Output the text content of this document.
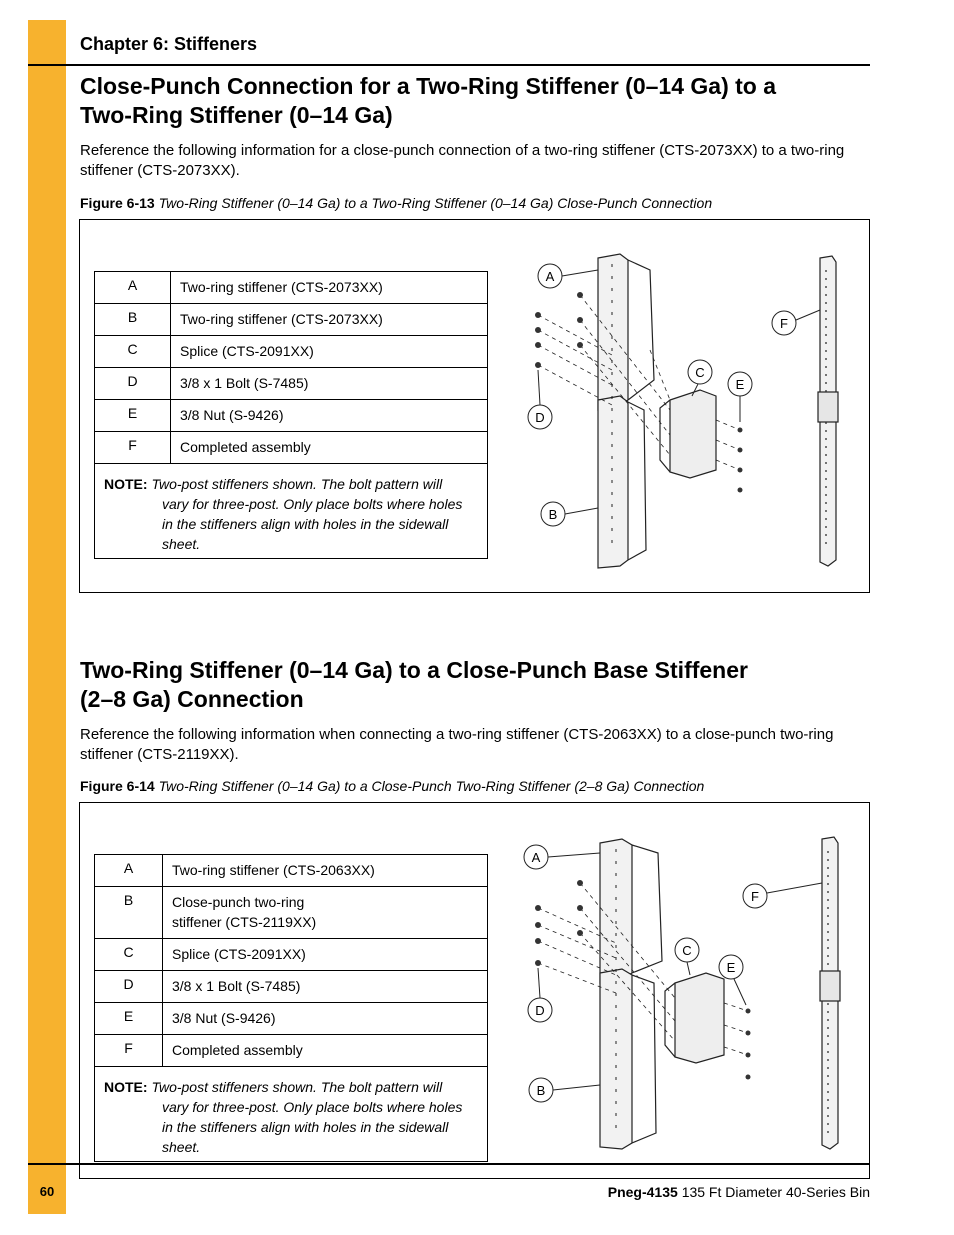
60
Chapter 6: Stiffeners
Close-Punch Connection for a Two-Ring Stiffener (0–14 Ga) to a
Two-Ring Stiffener (0–14 Ga)
Reference the following information for a close-punch connection of a two-ring stiffener (CTS-2073XX) to a two-ring stiffener (CTS-2073XX).
Figure 6-13 Two-Ring Stiffener (0–14 Ga) to a Two-Ring Stiffener (0–14 Ga) Close-Punch Connection
A	Two-ring stiffener (CTS-2073XX)
B	Two-ring stiffener (CTS-2073XX)
C	Splice (CTS-2091XX)
D	3/8 x 1 Bolt (S-7485)
E	3/8 Nut (S-9426)
F	Completed assembly
NOTE: Two-post stiffeners shown. The bolt pattern will
vary for three-post. Only place bolts where holes in the stiffeners align with holes in the sidewall sheet.	
A
B
C
D
E
F
Two-Ring Stiffener (0–14 Ga) to a Close-Punch Base Stiffener
(2–8 Ga) Connection
Reference the following information when connecting a two-ring stiffener (CTS-2063XX) to a close-punch two-ring stiffener (CTS-2119XX).
Figure 6-14 Two-Ring Stiffener (0–14 Ga) to a Close-Punch Two-Ring Stiffener (2–8 Ga) Connection
A	Two-ring stiffener (CTS-2063XX)
B	Close-punch two-ring stiffener (CTS-2119XX)
C	Splice (CTS-2091XX)
D	3/8 x 1 Bolt (S-7485)
E	3/8 Nut (S-9426)
F	Completed assembly
NOTE: Two-post stiffeners shown. The bolt pattern will
vary for three-post. Only place bolts where holes in the stiffeners align with holes in the sidewall sheet.	
A
B
C
D
E
F
Pneg-4135 135 Ft Diameter 40-Series Bin
